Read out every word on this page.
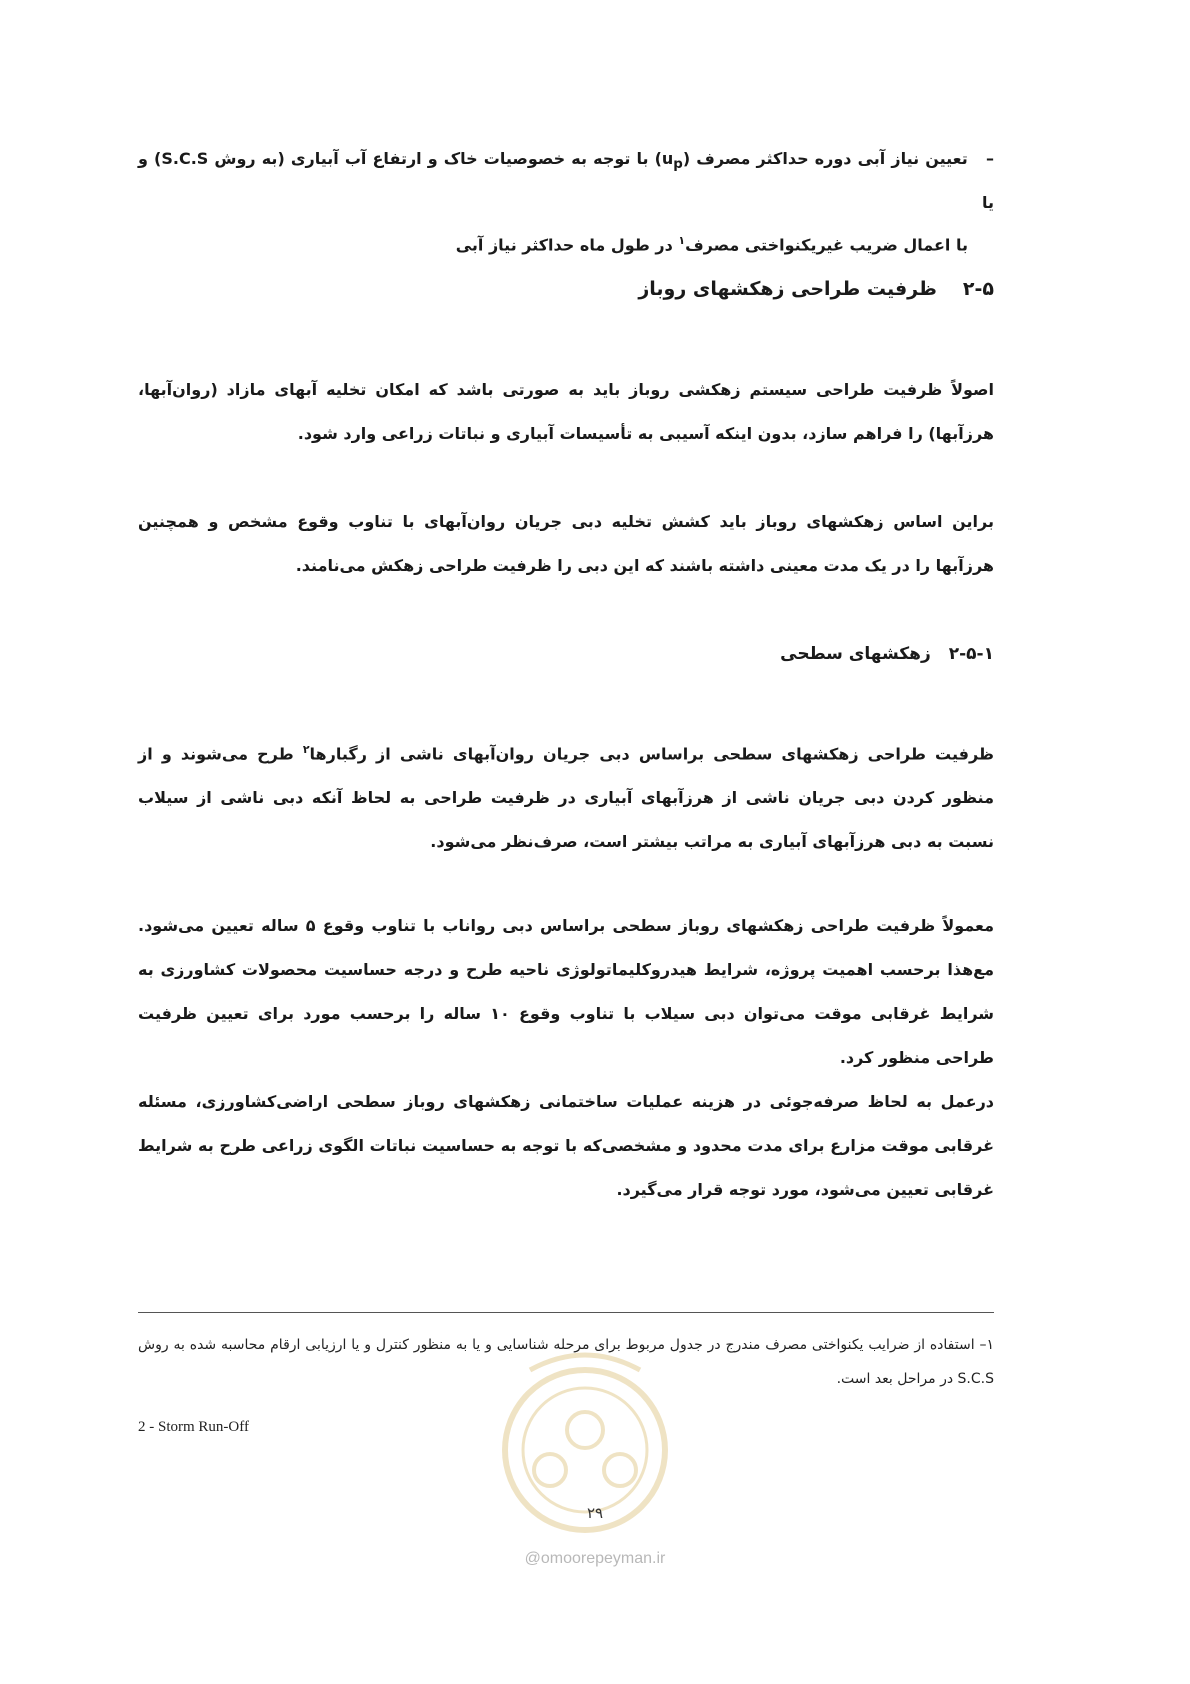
–   تعیین نیاز آبی دوره حداکثر مصرف $(u_p)$ با توجه به خصوصیات خاک و ارتفاع آب آبیاری (به روش S.C.S) و یا
با اعمال ضریب غیریکنواختی مصرف$^۱$ در طول ماه حداکثر نیاز آبی
۲-۵ظرفیت طراحی زهکشهای روباز
اصولاً ظرفیت طراحی سیستم زهکشی روباز باید به صورتی باشد که امکان تخلیه آبهای مازاد (روان‌آبها، هرزآبها) را فراهم سازد، بدون اینکه آسیبی به تأسیسات آبیاری و نباتات زراعی وارد شود.
براین اساس زهکشهای روباز باید کشش تخلیه دبی جریان روان‌آبهای با تناوب وقوع مشخص و همچنین هرزآبها را در یک مدت معینی داشته باشند که این دبی را ظرفیت طراحی زهکش می‌نامند.
۲-۵-۱زهکشهای سطحی
ظرفیت طراحی زهکشهای سطحی براساس دبی جریان روان‌آبهای ناشی از رگبارها$^۲$ طرح می‌شوند و از منظور کردن دبی جریان ناشی از هرزآبهای آبیاری در ظرفیت طراحی به لحاظ آنکه دبی ناشی از سیلاب نسبت به دبی هرزآبهای آبیاری به مراتب بیشتر است، صرف‌نظر می‌شود.
معمولاً ظرفیت طراحی زهکشهای روباز سطحی براساس دبی رواناب با تناوب وقوع ۵ ساله تعیین می‌شود. مع‌هذا برحسب اهمیت پروژه، شرایط هیدروکلیماتولوژی ناحیه طرح و درجه حساسیت محصولات کشاورزی به شرایط غرقابی موقت می‌توان دبی سیلاب با تناوب وقوع ۱۰ ساله را برحسب مورد برای تعیین ظرفیت طراحی منظور کرد.
درعمل به لحاظ صرفه‌جوئی در هزینه عملیات ساختمانی زهکشهای روباز سطحی اراضی‌کشاورزی، مسئله غرقابی موقت مزارع برای مدت محدود و مشخصی‌که با توجه به حساسیت نباتات الگوی زراعی طرح به شرایط غرقابی تعیین می‌شود، مورد توجه قرار می‌گیرد.
۱– استفاده از ضرایب یکنواختی مصرف مندرج در جدول مربوط برای مرحله شناسایی و یا به منظور کنترل و یا ارزیابی ارقام محاسبه شده به روش S.C.S در مراحل بعد است.
2 - Storm Run-Off
۲۹
@omoorepeyman.ir
